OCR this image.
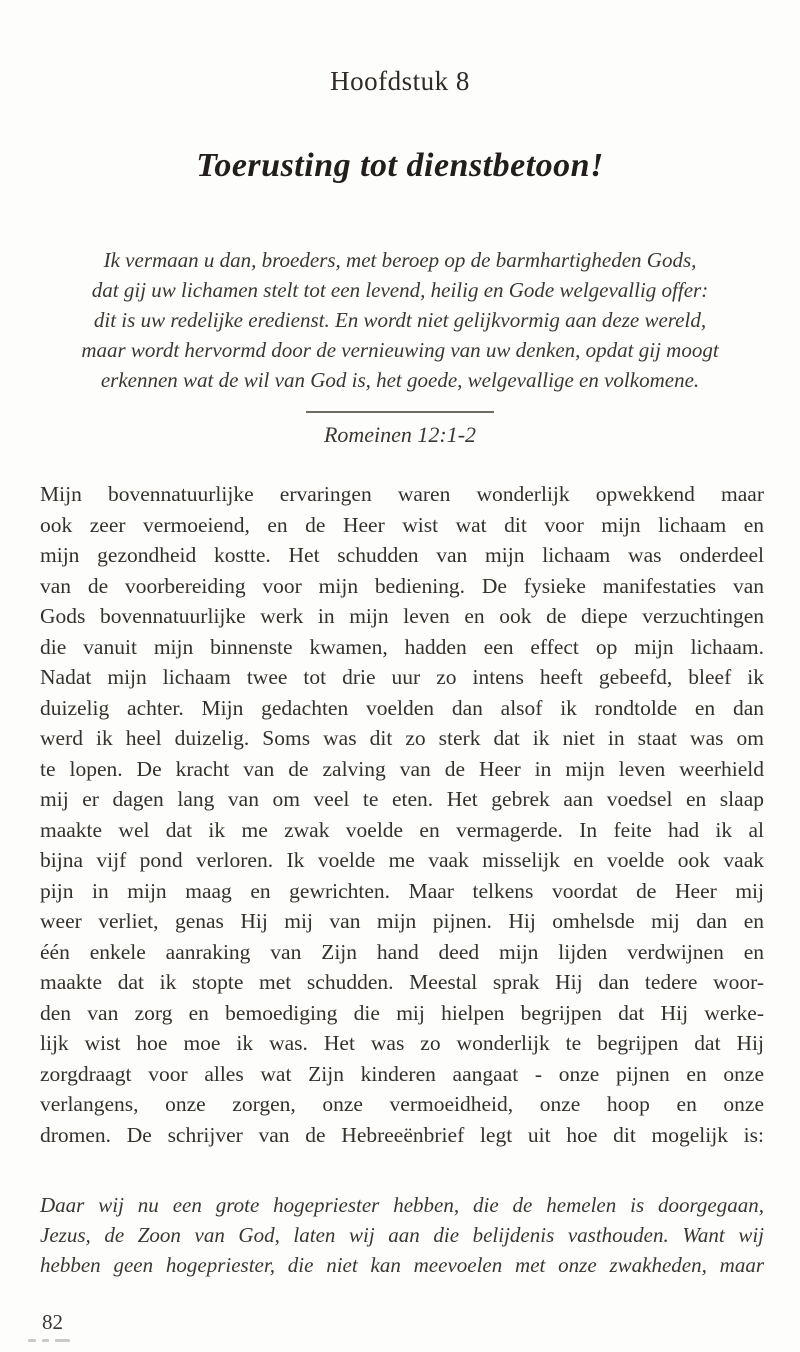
Hoofdstuk 8
Toerusting tot dienstbetoon!
Ik vermaan u dan, broeders, met beroep op de barmhartigheden Gods,
dat gij uw lichamen stelt tot een levend, heilig en Gode welgevallig offer:
dit is uw redelijke eredienst. En wordt niet gelijkvormig aan deze wereld,
maar wordt hervormd door de vernieuwing van uw denken, opdat gij moogt
erkennen wat de wil van God is, het goede, welgevallige en volkomene.
Romeinen 12:1-2
Mijn bovennatuurlijke ervaringen waren wonderlijk opwekkend maar
ook zeer vermoeiend, en de Heer wist wat dit voor mijn lichaam en
mijn gezondheid kostte. Het schudden van mijn lichaam was onderdeel
van de voorbereiding voor mijn bediening. De fysieke manifestaties van
Gods bovennatuurlijke werk in mijn leven en ook de diepe verzuchtingen
die vanuit mijn binnenste kwamen, hadden een effect op mijn lichaam.
Nadat mijn lichaam twee tot drie uur zo intens heeft gebeefd, bleef ik
duizelig achter. Mijn gedachten voelden dan alsof ik rondtolde en dan
werd ik heel duizelig. Soms was dit zo sterk dat ik niet in staat was om
te lopen. De kracht van de zalving van de Heer in mijn leven weerhield
mij er dagen lang van om veel te eten. Het gebrek aan voedsel en slaap
maakte wel dat ik me zwak voelde en vermagerde. In feite had ik al
bijna vijf pond verloren. Ik voelde me vaak misselijk en voelde ook vaak
pijn in mijn maag en gewrichten. Maar telkens voordat de Heer mij
weer verliet, genas Hij mij van mijn pijnen. Hij omhelsde mij dan en
één enkele aanraking van Zijn hand deed mijn lijden verdwijnen en
maakte dat ik stopte met schudden. Meestal sprak Hij dan tedere woor-
den van zorg en bemoediging die mij hielpen begrijpen dat Hij werke-
lijk wist hoe moe ik was. Het was zo wonderlijk te begrijpen dat Hij
zorgdraagt voor alles wat Zijn kinderen aangaat - onze pijnen en onze
verlangens, onze zorgen, onze vermoeidheid, onze hoop en onze
dromen. De schrijver van de Hebreeënbrief legt uit hoe dit mogelijk is:
Daar wij nu een grote hogepriester hebben, die de hemelen is doorgegaan,
Jezus, de Zoon van God, laten wij aan die belijdenis vasthouden. Want wij
hebben geen hogepriester, die niet kan meevoelen met onze zwakheden, maar
82
